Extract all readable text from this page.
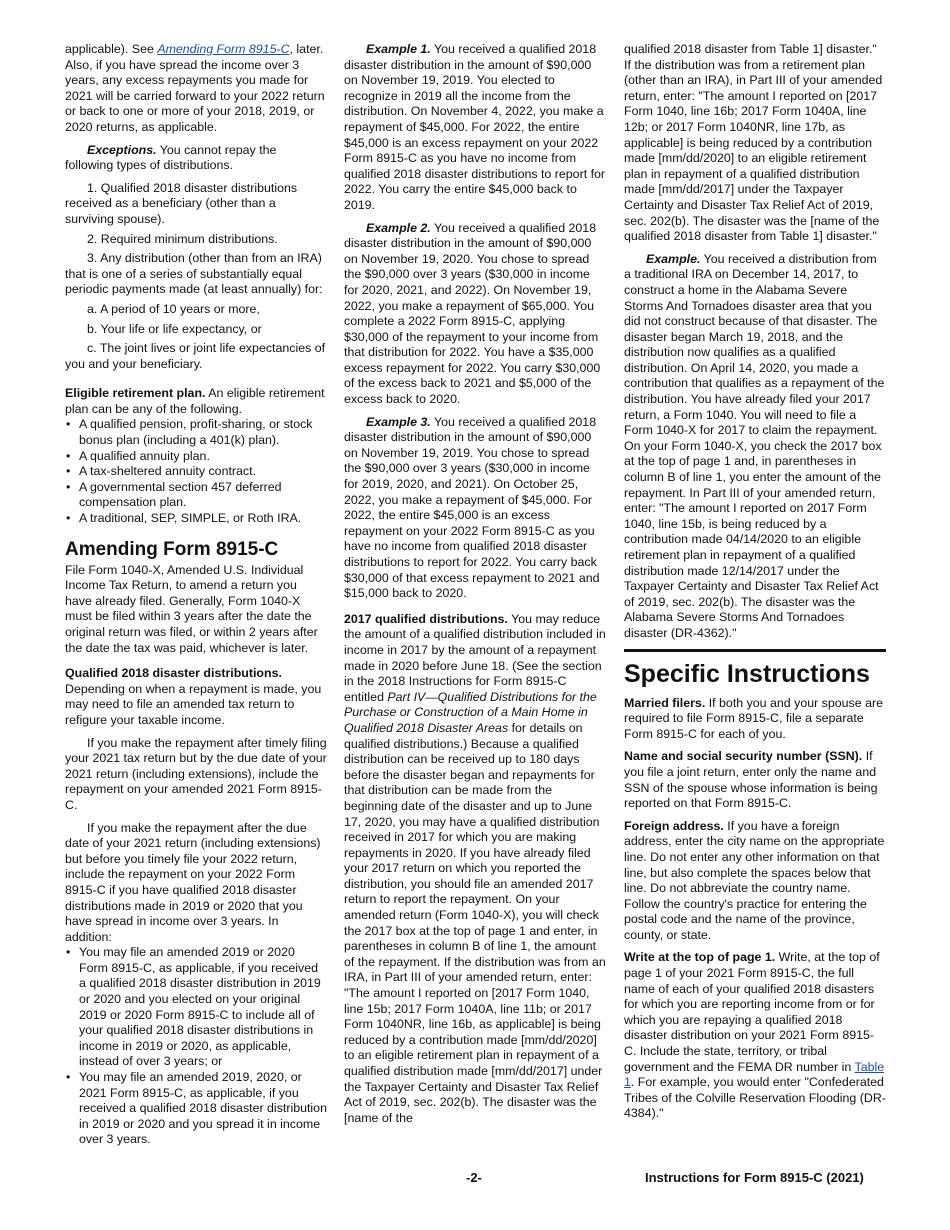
applicable). See Amending Form 8915-C, later. Also, if you have spread the income over 3 years, any excess repayments you made for 2021 will be carried forward to your 2022 return or back to one or more of your 2018, 2019, or 2020 returns, as applicable.

Exceptions. You cannot repay the following types of distributions.

1. Qualified 2018 disaster distributions received as a beneficiary (other than a surviving spouse).

2. Required minimum distributions.

3. Any distribution (other than from an IRA) that is one of a series of substantially equal periodic payments made (at least annually) for:

a. A period of 10 years or more,

b. Your life or life expectancy, or

c. The joint lives or joint life expectancies of you and your beneficiary.

Eligible retirement plan. An eligible retirement plan can be any of the following.

• A qualified pension, profit-sharing, or stock bonus plan (including a 401(k) plan).

• A qualified annuity plan.

• A tax-sheltered annuity contract.

• A governmental section 457 deferred compensation plan.

• A traditional, SEP, SIMPLE, or Roth IRA.

Amending Form 8915-C

File Form 1040-X, Amended U.S. Individual Income Tax Return, to amend a return you have already filed. Generally, Form 1040-X must be filed within 3 years after the date the original return was filed, or within 2 years after the date the tax was paid, whichever is later.

Qualified 2018 disaster distributions. Depending on when a repayment is made, you may need to file an amended tax return to refigure your taxable income.

If you make the repayment after timely filing your 2021 tax return but by the due date of your 2021 return (including extensions), include the repayment on your amended 2021 Form 8915-C.

If you make the repayment after the due date of your 2021 return (including extensions) but before you timely file your 2022 return, include the repayment on your 2022 Form 8915-C if you have qualified 2018 disaster distributions made in 2019 or 2020 that you have spread in income over 3 years. In addition:

• You may file an amended 2019 or 2020 Form 8915-C, as applicable, if you received a qualified 2018 disaster distribution in 2019 or 2020 and you elected on your original 2019 or 2020 Form 8915-C to include all of your qualified 2018 disaster distributions in income in 2019 or 2020, as applicable, instead of over 3 years; or

• You may file an amended 2019, 2020, or 2021 Form 8915-C, as applicable, if you received a qualified 2018 disaster distribution in 2019 or 2020 and you spread it in income over 3 years.

Example 1. You received a qualified 2018 disaster distribution in the amount of $90,000 on November 19, 2019. You elected to recognize in 2019 all the income from the distribution. On November 4, 2022, you make a repayment of $45,000. For 2022, the entire $45,000 is an excess repayment on your 2022 Form 8915-C as you have no income from qualified 2018 disaster distributions to report for 2022. You carry the entire $45,000 back to 2019.

Example 2. You received a qualified 2018 disaster distribution in the amount of $90,000 on November 19, 2020. You chose to spread the $90,000 over 3 years ($30,000 in income for 2020, 2021, and 2022). On November 19, 2022, you make a repayment of $65,000. You complete a 2022 Form 8915-C, applying $30,000 of the repayment to your income from that distribution for 2022. You have a $35,000 excess repayment for 2022. You carry $30,000 of the excess back to 2021 and $5,000 of the excess back to 2020.

Example 3. You received a qualified 2018 disaster distribution in the amount of $90,000 on November 19, 2019. You chose to spread the $90,000 over 3 years ($30,000 in income for 2019, 2020, and 2021). On October 25, 2022, you make a repayment of $45,000. For 2022, the entire $45,000 is an excess repayment on your 2022 Form 8915-C as you have no income from qualified 2018 disaster distributions to report for 2022. You carry back $30,000 of that excess repayment to 2021 and $15,000 back to 2020.

2017 qualified distributions. You may reduce the amount of a qualified distribution included in income in 2017 by the amount of a repayment made in 2020 before June 18. (See the section in the 2018 Instructions for Form 8915-C entitled Part IV—Qualified Distributions for the Purchase or Construction of a Main Home in Qualified 2018 Disaster Areas for details on qualified distributions.) Because a qualified distribution can be received up to 180 days before the disaster began and repayments for that distribution can be made from the beginning date of the disaster and up to June 17, 2020, you may have a qualified distribution received in 2017 for which you are making repayments in 2020. If you have already filed your 2017 return on which you reported the distribution, you should file an amended 2017 return to report the repayment. On your amended return (Form 1040-X), you will check the 2017 box at the top of page 1 and enter, in parentheses in column B of line 1, the amount of the repayment. If the distribution was from an IRA, in Part III of your amended return, enter: "The amount I reported on [2017 Form 1040, line 15b; 2017 Form 1040A, line 11b; or 2017 Form 1040NR, line 16b, as applicable] is being reduced by a contribution made [mm/dd/2020] to an eligible retirement plan in repayment of a qualified distribution made [mm/dd/2017] under the Taxpayer Certainty and Disaster Tax Relief Act of 2019, sec. 202(b). The disaster was the [name of the

qualified 2018 disaster from Table 1] disaster." If the distribution was from a retirement plan (other than an IRA), in Part III of your amended return, enter: "The amount I reported on [2017 Form 1040, line 16b; 2017 Form 1040A, line 12b; or 2017 Form 1040NR, line 17b, as applicable] is being reduced by a contribution made [mm/dd/2020] to an eligible retirement plan in repayment of a qualified distribution made [mm/dd/2017] under the Taxpayer Certainty and Disaster Tax Relief Act of 2019, sec. 202(b). The disaster was the [name of the qualified 2018 disaster from Table 1] disaster."

Example. You received a distribution from a traditional IRA on December 14, 2017, to construct a home in the Alabama Severe Storms And Tornadoes disaster area that you did not construct because of that disaster. The disaster began March 19, 2018, and the distribution now qualifies as a qualified distribution. On April 14, 2020, you made a contribution that qualifies as a repayment of the distribution. You have already filed your 2017 return, a Form 1040. You will need to file a Form 1040-X for 2017 to claim the repayment. On your Form 1040-X, you check the 2017 box at the top of page 1 and, in parentheses in column B of line 1, you enter the amount of the repayment. In Part III of your amended return, enter: "The amount I reported on 2017 Form 1040, line 15b, is being reduced by a contribution made 04/14/2020 to an eligible retirement plan in repayment of a qualified distribution made 12/14/2017 under the Taxpayer Certainty and Disaster Tax Relief Act of 2019, sec. 202(b). The disaster was the Alabama Severe Storms And Tornadoes disaster (DR-4362)."

Specific Instructions

Married filers. If both you and your spouse are required to file Form 8915-C, file a separate Form 8915-C for each of you.

Name and social security number (SSN). If you file a joint return, enter only the name and SSN of the spouse whose information is being reported on that Form 8915-C.

Foreign address. If you have a foreign address, enter the city name on the appropriate line. Do not enter any other information on that line, but also complete the spaces below that line. Do not abbreviate the country name. Follow the country's practice for entering the postal code and the name of the province, county, or state.

Write at the top of page 1. Write, at the top of page 1 of your 2021 Form 8915-C, the full name of each of your qualified 2018 disasters for which you are reporting income from or for which you are repaying a qualified 2018 disaster distribution on your 2021 Form 8915-C. Include the state, territory, or tribal government and the FEMA DR number in Table 1. For example, you would enter "Confederated Tribes of the Colville Reservation Flooding (DR-4384)."

-2-	Instructions for Form 8915-C (2021)
